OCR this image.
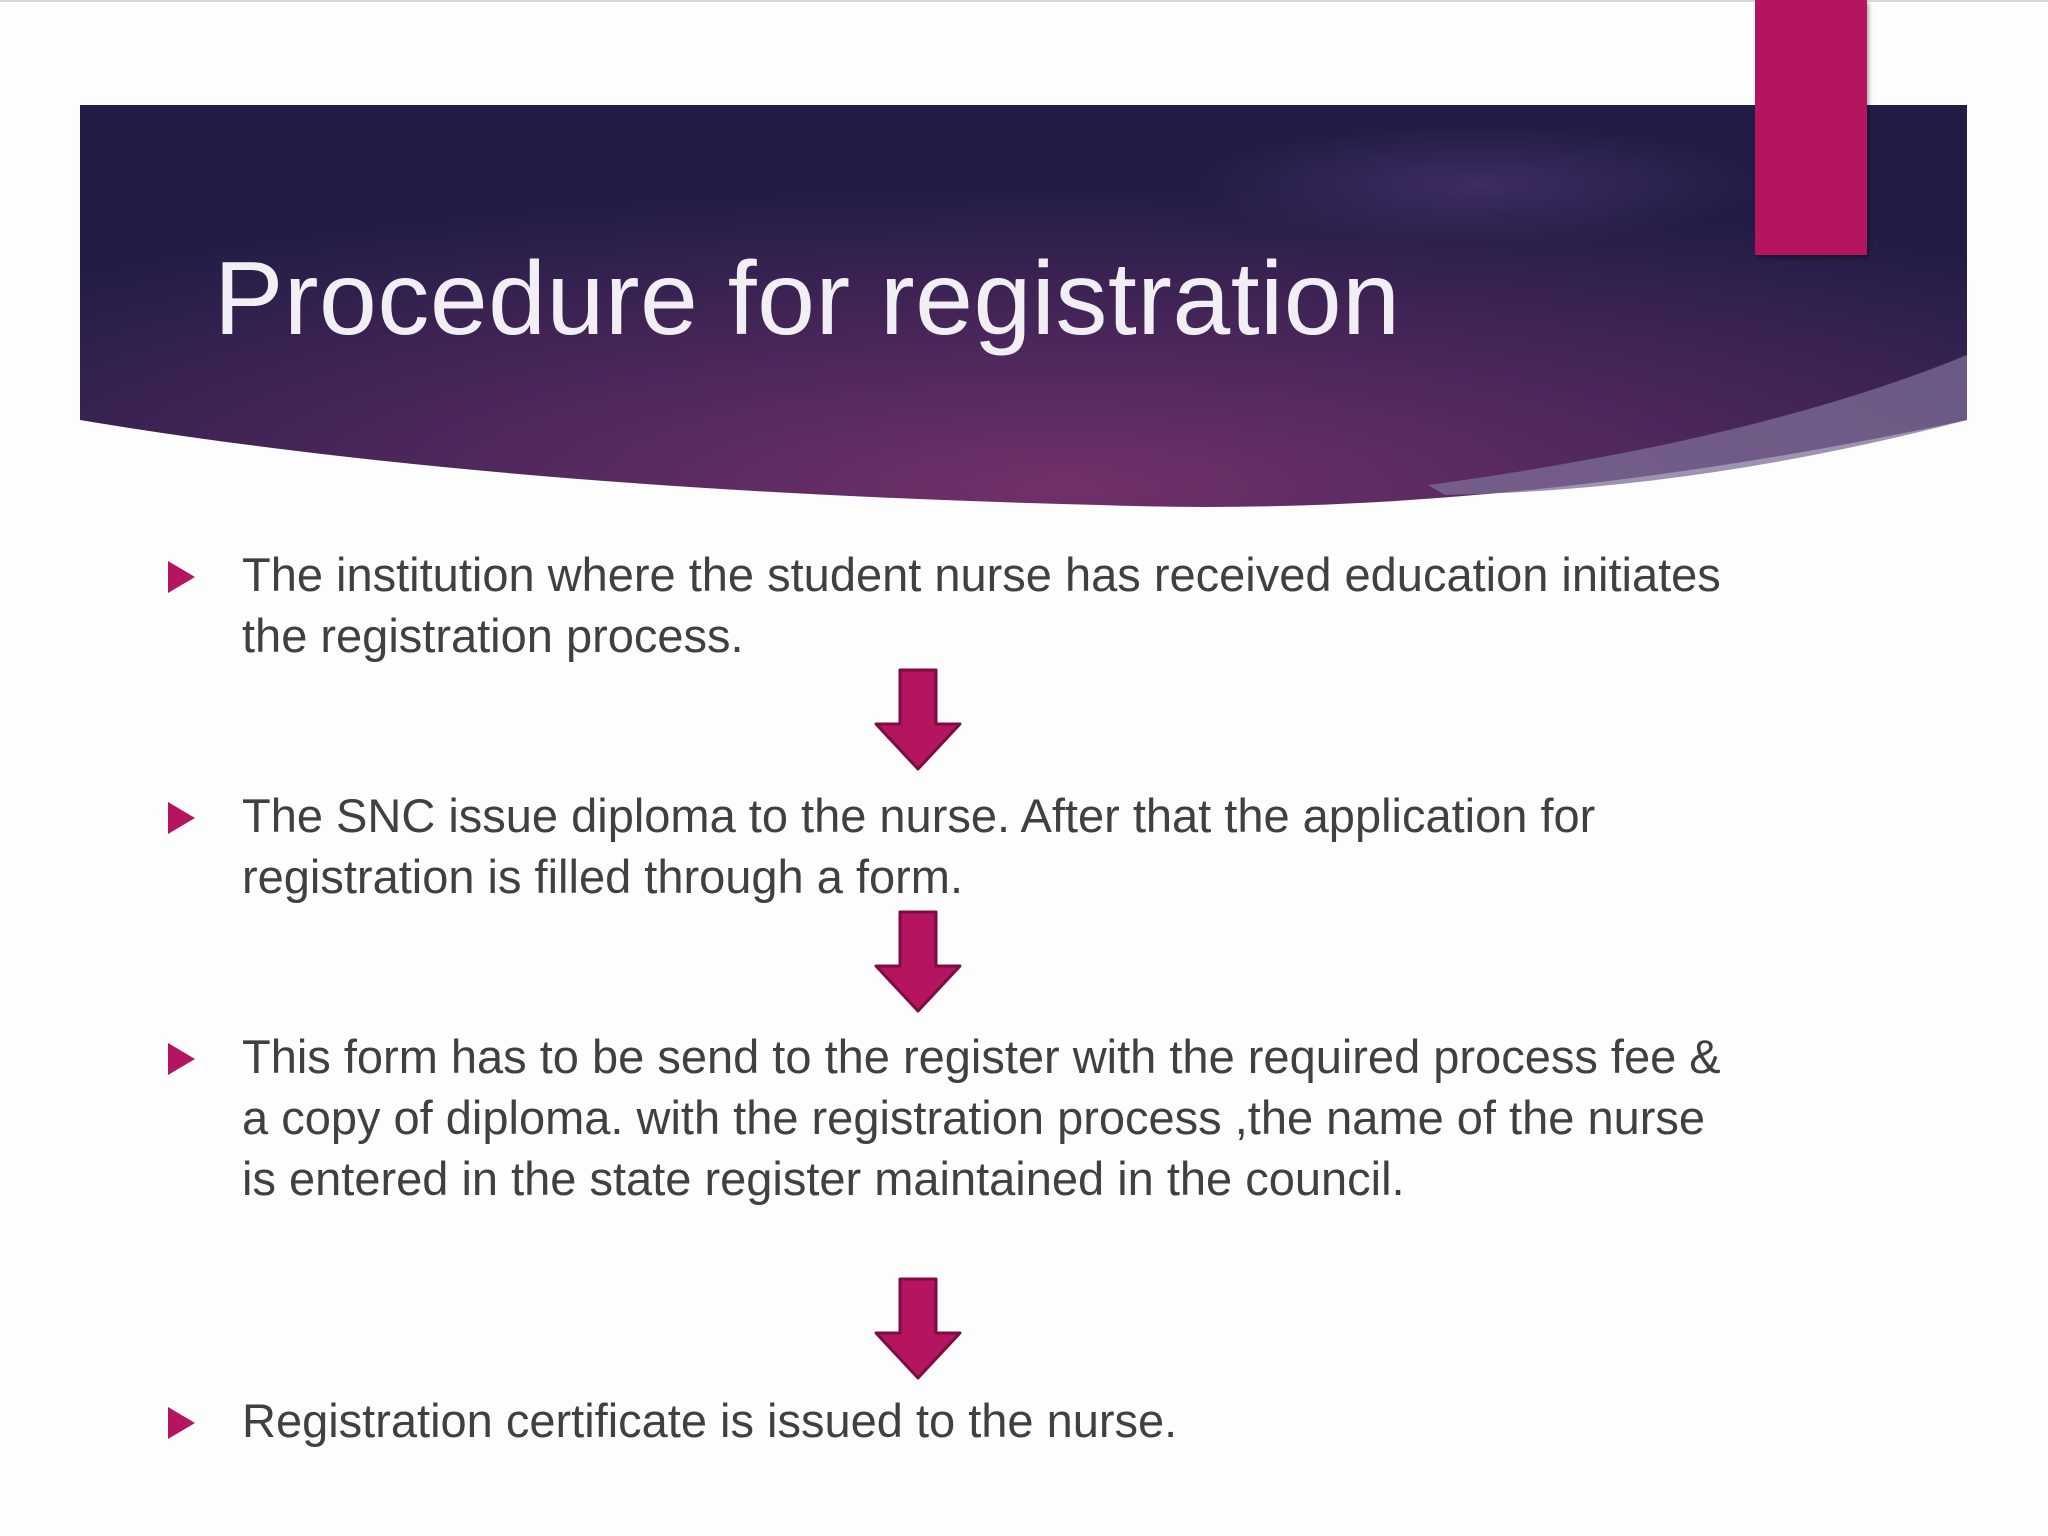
Procedure for registration

The institution where the student nurse has received education initiates the registration process.

The SNC issue diploma to the nurse. After that the application for registration is filled through a form.

This form has to be send to the register with the required process fee & a copy of diploma. with the registration process ,the name of the nurse is entered in the state register maintained in the council.

Registration certificate is issued to the nurse.
